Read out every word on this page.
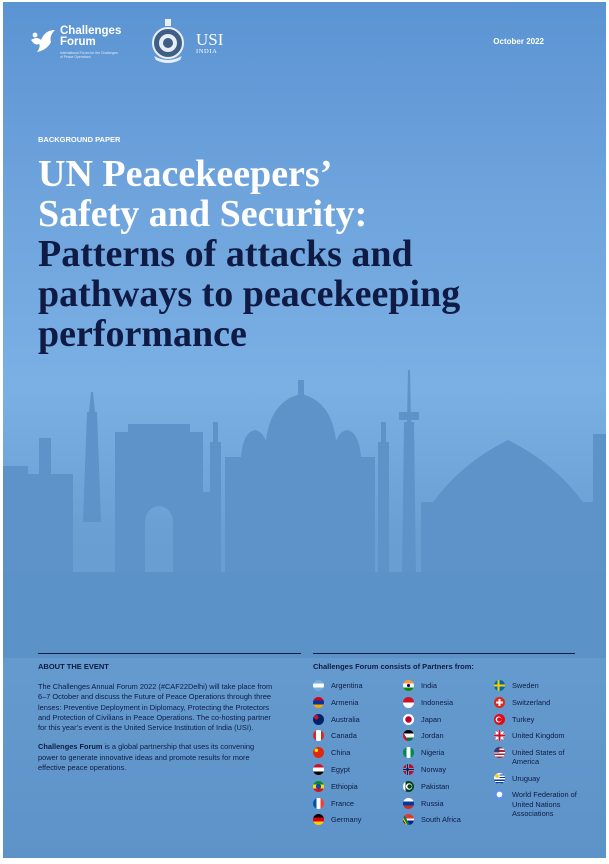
Challenges
Forum
International Forum for the Challenges of Peace Operations
USI
INDIA
October 2022
BACKGROUND PAPER
UN Peacekeepers’
Safety and Security:
Patterns of attacks and
pathways to peacekeeping
performance
ABOUT THE EVENT

The Challenges Annual Forum 2022 (#CAF22Delhi) will take place from 6–7 October and discuss the Future of Peace Operations through three lenses: Preventive Deployment in Diplomacy, Protecting the Protectors and Protection of Civilians in Peace Operations. The co-hosting partner for this year’s event is the United Service Institution of India (USI).

Challenges Forum is a global partnership that uses its convening power to generate innovative ideas and promote results for more effective peace operations.

Challenges Forum consists of Partners from:
Argentina
Armenia
Australia
Canada
China
Egypt
Ethiopia
France
Germany
India
Indonesia
Japan
Jordan
Nigeria
Norway
Pakistan
Russia
South Africa
Sweden
Switzerland
Turkey
United Kingdom
United States of America
Uruguay
World Federation of United Nations Associations
